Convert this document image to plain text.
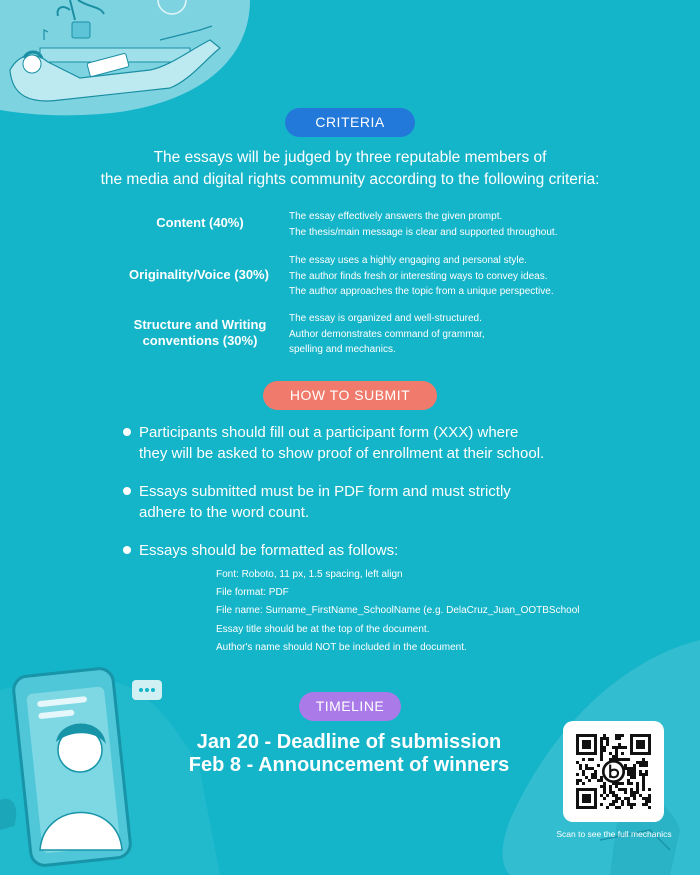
CRITERIA
The essays will be judged by three reputable members of
the media and digital rights community according to the following criteria:
Content (40%)	The essay effectively answers the given prompt.
The thesis/main message is clear and supported throughout.
Originality/Voice (30%)
The essay uses a highly engaging and personal style.
The author finds fresh or interesting ways to convey ideas.
The author approaches the topic from a unique perspective.
Structure and Writing
conventions (30%)
The essay is organized and well-structured.
Author demonstrates command of grammar,
spelling and mechanics.
HOW TO SUBMIT
Participants should fill out a participant form (XXX) where
they will be asked to show proof of enrollment at their school.
Essays submitted must be in PDF form and must strictly
adhere to the word count.
Essays should be formatted as follows:
Font: Roboto, 11 px, 1.5 spacing, left align
File format: PDF
File name: Surname_FirstName_SchoolName (e.g. DelaCruz_Juan_OOTBSchool
Essay title should be at the top of the document.
Author's name should NOT be included in the document.
TIMELINE
Jan 20 - Deadline of submission
Feb 8 - Announcement of winners
Scan to see the full mechanics
